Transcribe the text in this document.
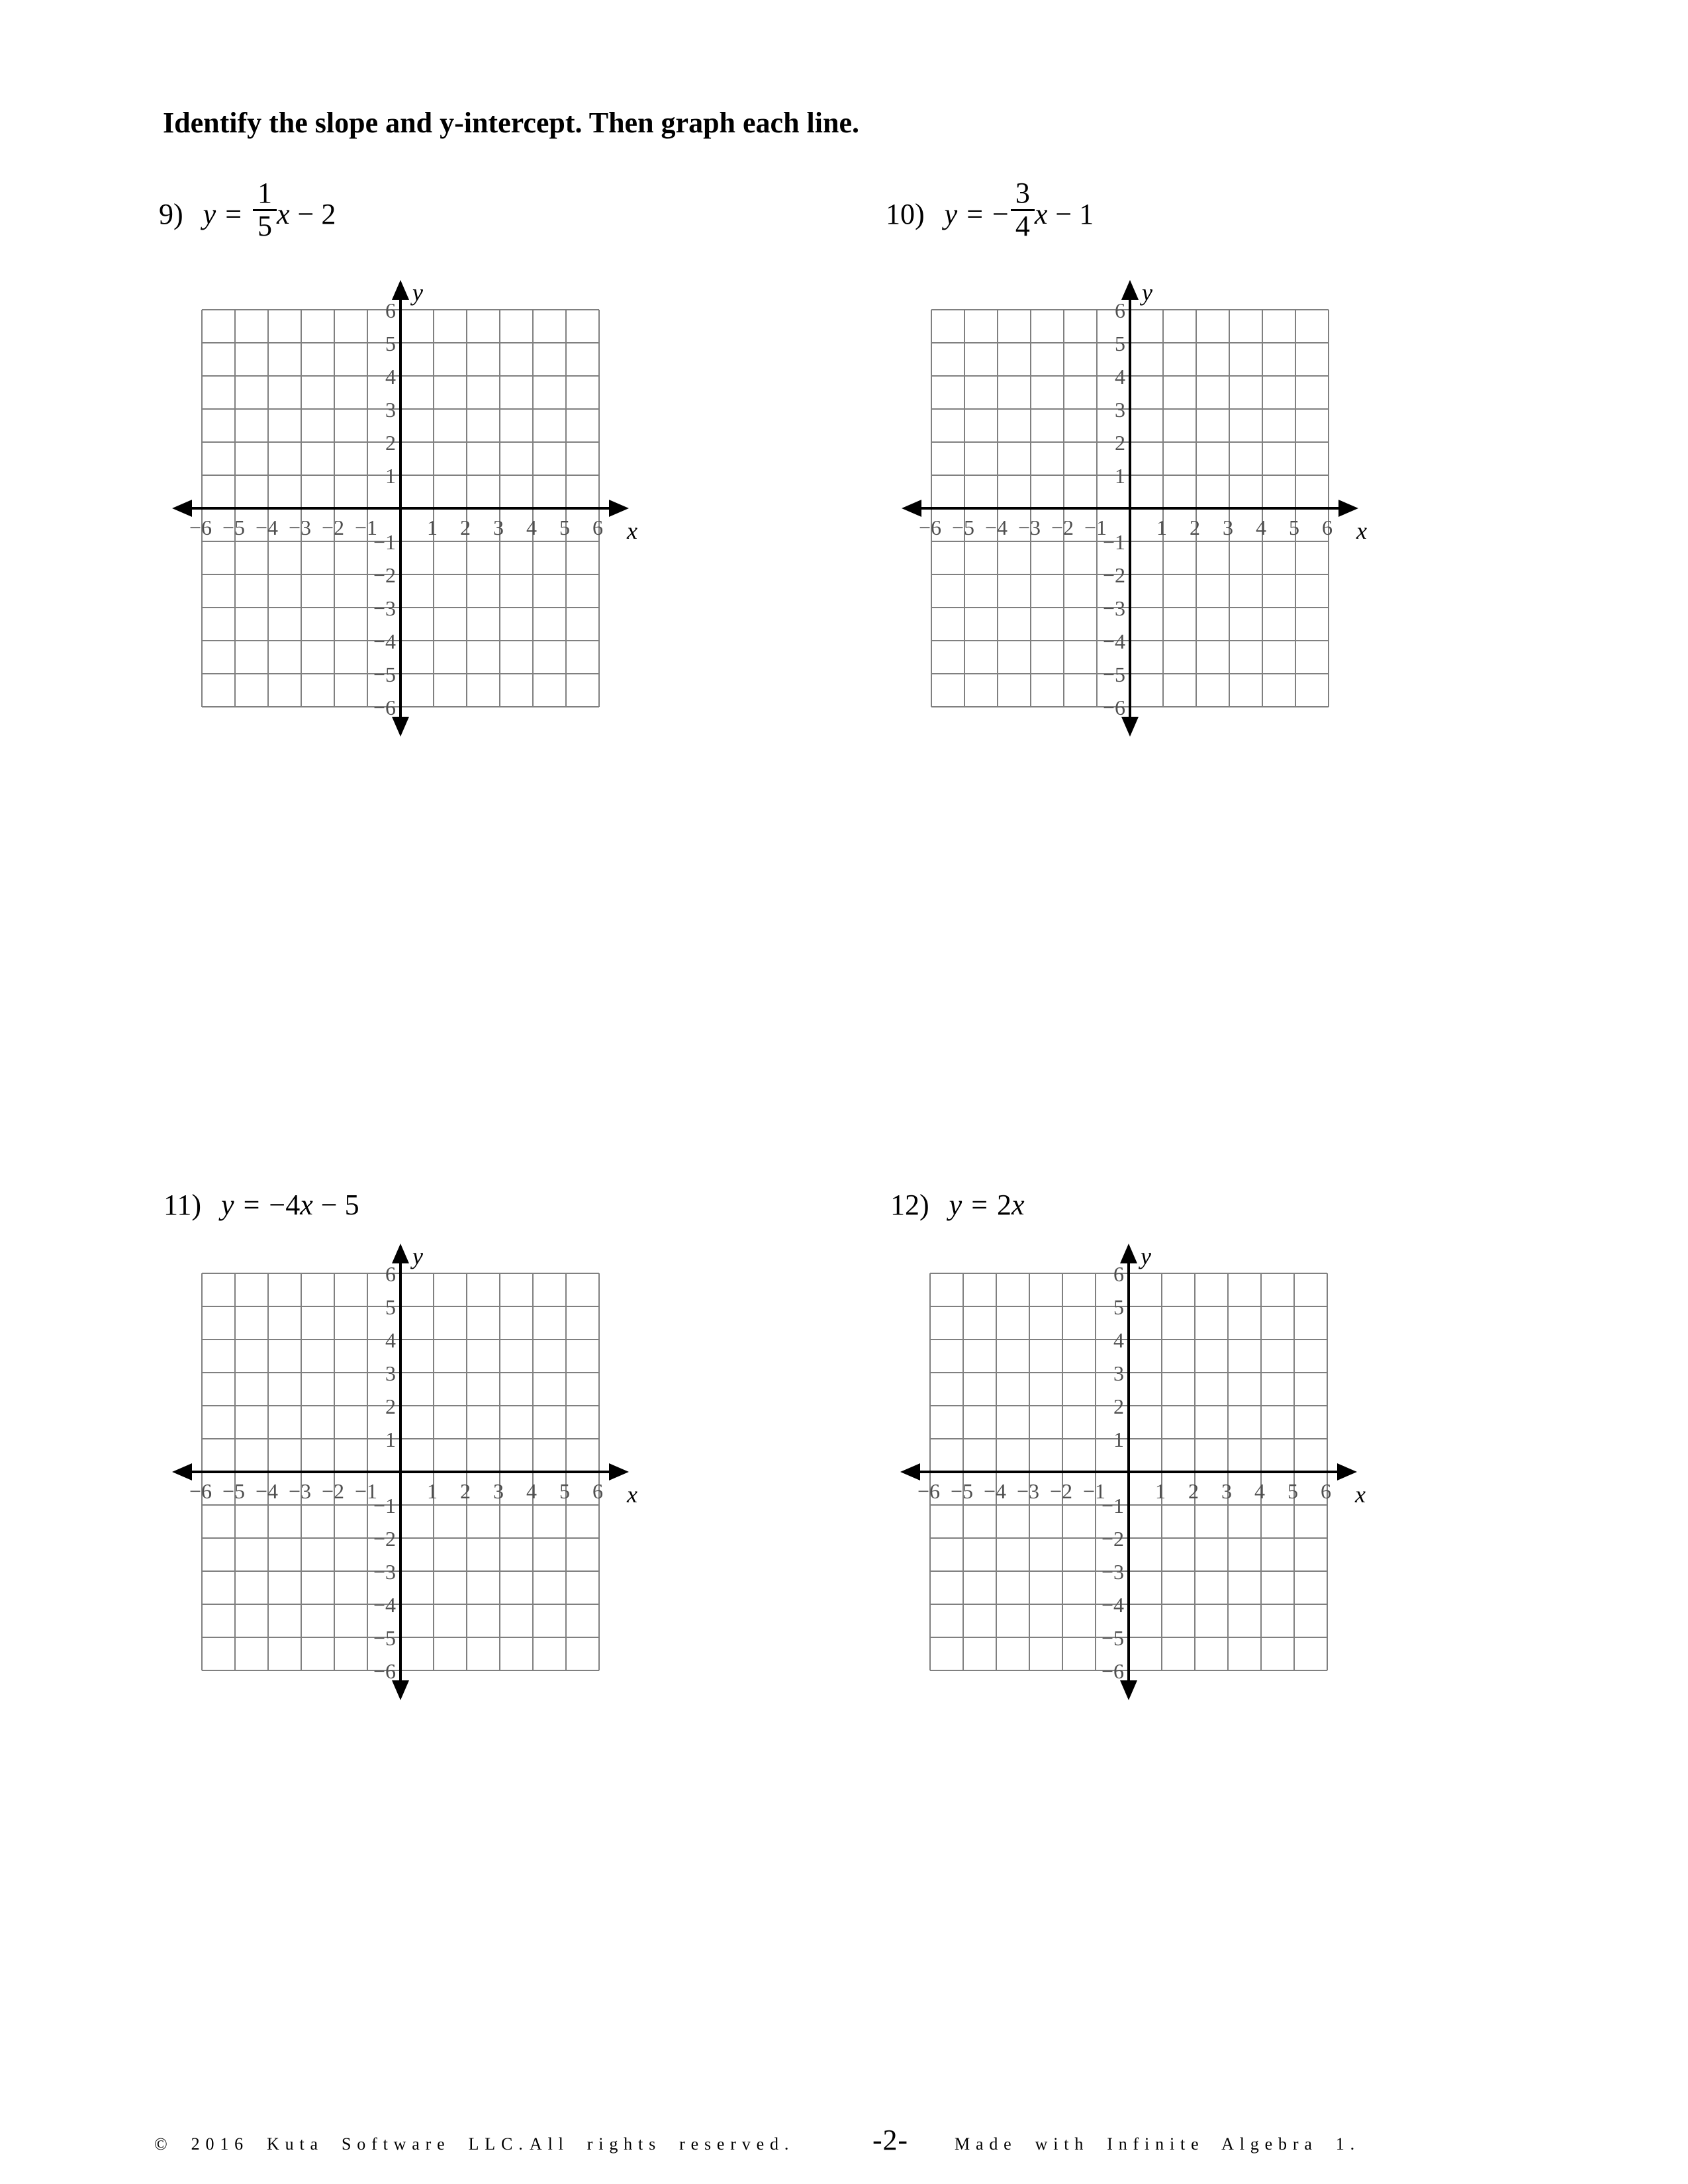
Identify the slope and y-intercept. Then graph each line.
9) $y = \frac{1}{5}$ x − 2	10) y = − $\frac{3}{4}$ x − 1
11) y = −4 x − 5	12) y = 2 x
−6 −5 −4 −3 −2 −1 1 2 3 4 5 6
6
5
4
3
2
1
−1
−2
−3
−4
−5
−6
x
y
−6 −5 −4 −3 −2 −1 1 2 3 4 5 6
6
5
4
3
2
1
−1
−2
−3
−4
−5
−6
x
y
−6 −5 −4 −3 −2 −1 1 2 3 4 5 6
6
5
4
3
2
1
−1
−2
−3
−4
−5
−6
x
y
−6 −5 −4 −3 −2 −1 1 2 3 4 5 6
6
5
4
3
2
1
−1
−2
−3
−4
−5
−6
x
y
© 2016 Kuta Software LLC. All rights reserved.	-2-	Made with Infinite Algebra 1.
